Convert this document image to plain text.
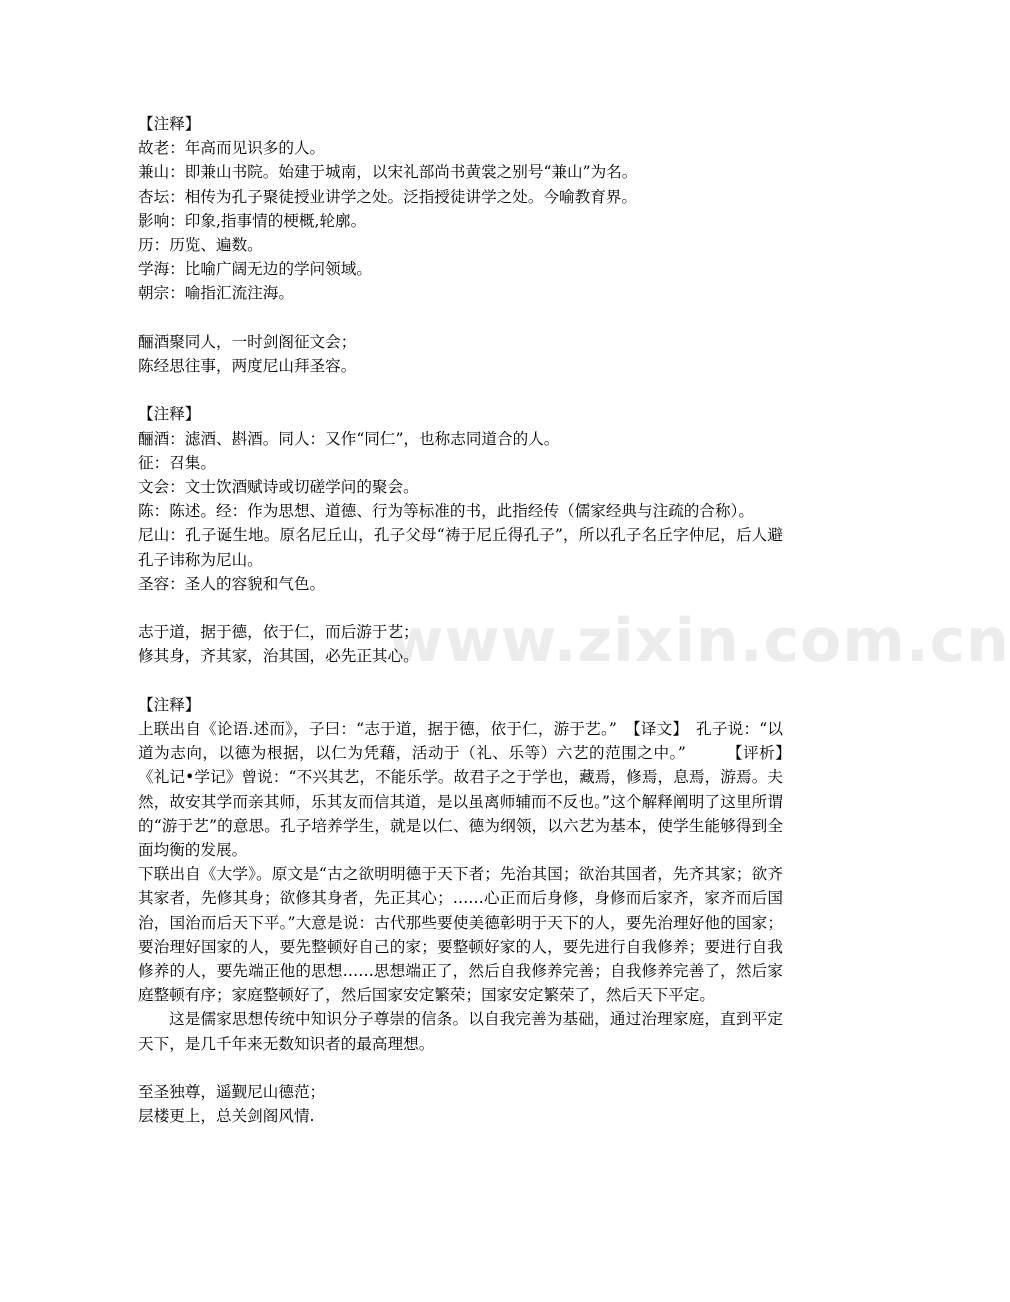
www.zixin.com.cn
【注释】
故老：年高而见识多的人。
兼山：即兼山书院。始建于城南，以宋礼部尚书黄裳之别号“兼山”为名。
杏坛：相传为孔子聚徒授业讲学之处。泛指授徒讲学之处。今喻教育界。
影响：印象,指事情的梗概,轮廓。
历：历览、遍数。
学海：比喻广阔无边的学问领域。
朝宗：喻指汇流注海。
酾酒聚同人，一时剑阁征文会；
陈经思往事，两度尼山拜圣容。
【注释】
酾酒：滤酒、斟酒。同人：又作“同仁”，也称志同道合的人。
征：召集。
文会：文士饮酒赋诗或切磋学问的聚会。
陈：陈述。经：作为思想、道德、行为等标准的书，此指经传（儒家经典与注疏的合称）。
尼山：孔子诞生地。原名尼丘山，孔子父母“祷于尼丘得孔子”，所以孔子名丘字仲尼，后人避孔子讳称为尼山。
圣容：圣人的容貌和气色。
志于道，据于德，依于仁，而后游于艺；
修其身，齐其家，治其国，必先正其心。
【注释】
上联出自《论语.述而》，子曰：“志于道，据于德，依于仁，游于艺。”　【译文】　孔子说：“以道为志向，以德为根据，以仁为凭藉，活动于（礼、乐等）六艺的范围之中。”　　　【评析】　《礼记•学记》曾说：“不兴其艺，不能乐学。故君子之于学也，藏焉，修焉，息焉，游焉。夫然，故安其学而亲其师，乐其友而信其道，是以虽离师辅而不反也。”这个解释阐明了这里所谓的“游于艺”的意思。孔子培养学生，就是以仁、德为纲领，以六艺为基本，使学生能够得到全面均衡的发展。
下联出自《大学》。原文是“古之欲明明德于天下者；先治其国；欲治其国者，先齐其家；欲齐其家者，先修其身；欲修其身者，先正其心；……心正而后身修，身修而后家齐，家齐而后国治，国治而后天下平。”大意是说：古代那些要使美德彰明于天下的人，要先治理好他的国家；要治理好国家的人，要先整顿好自己的家；要整顿好家的人，要先进行自我修养；要进行自我修养的人，要先端正他的思想……思想端正了，然后自我修养完善；自我修养完善了，然后家庭整顿有序；家庭整顿好了，然后国家安定繁荣；国家安定繁荣了，然后天下平定。
这是儒家思想传统中知识分子尊崇的信条。以自我完善为基础，通过治理家庭，直到平定天下，是几千年来无数知识者的最高理想。
至圣独尊，遥觐尼山德范；
层楼更上，总关剑阁风情.
